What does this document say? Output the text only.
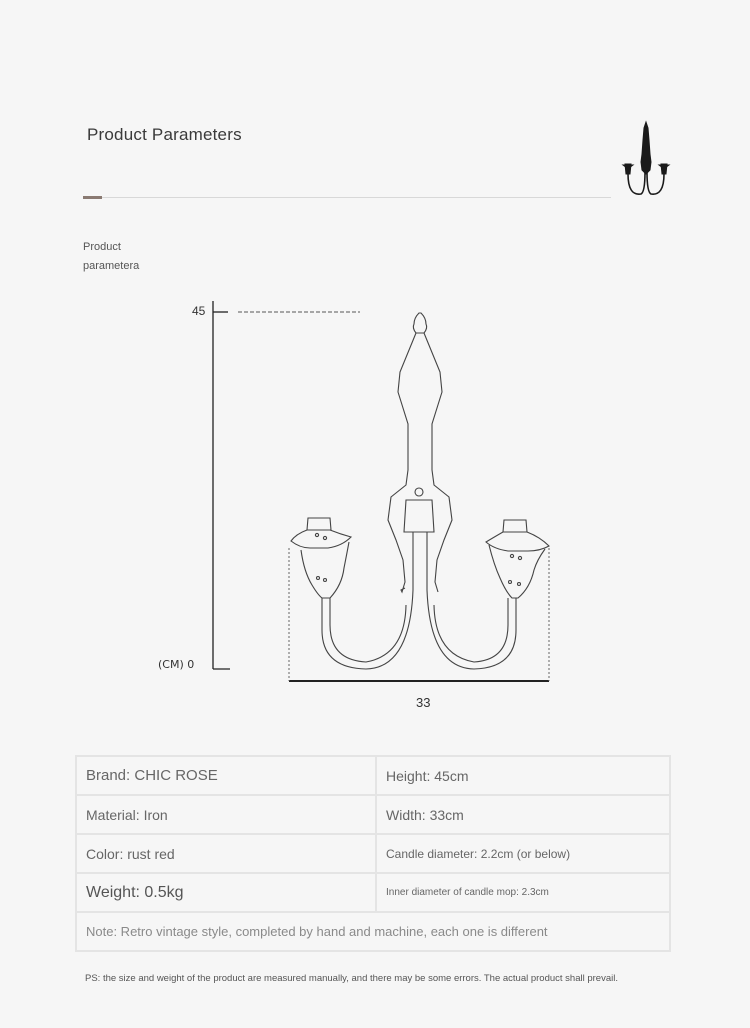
Product Parameters
Product
parametera
45
(CM) 0
33
Brand: CHIC ROSE	Height: 45cm
Material: Iron	Width: 33cm
Color: rust red	Candle diameter: 2.2cm (or below)
Weight: 0.5kg	Inner diameter of candle mop: 2.3cm
Note: Retro vintage style, completed by hand and machine, each one is different	
PS: the size and weight of the product are measured manually, and there may be some errors. The actual product shall prevail.
